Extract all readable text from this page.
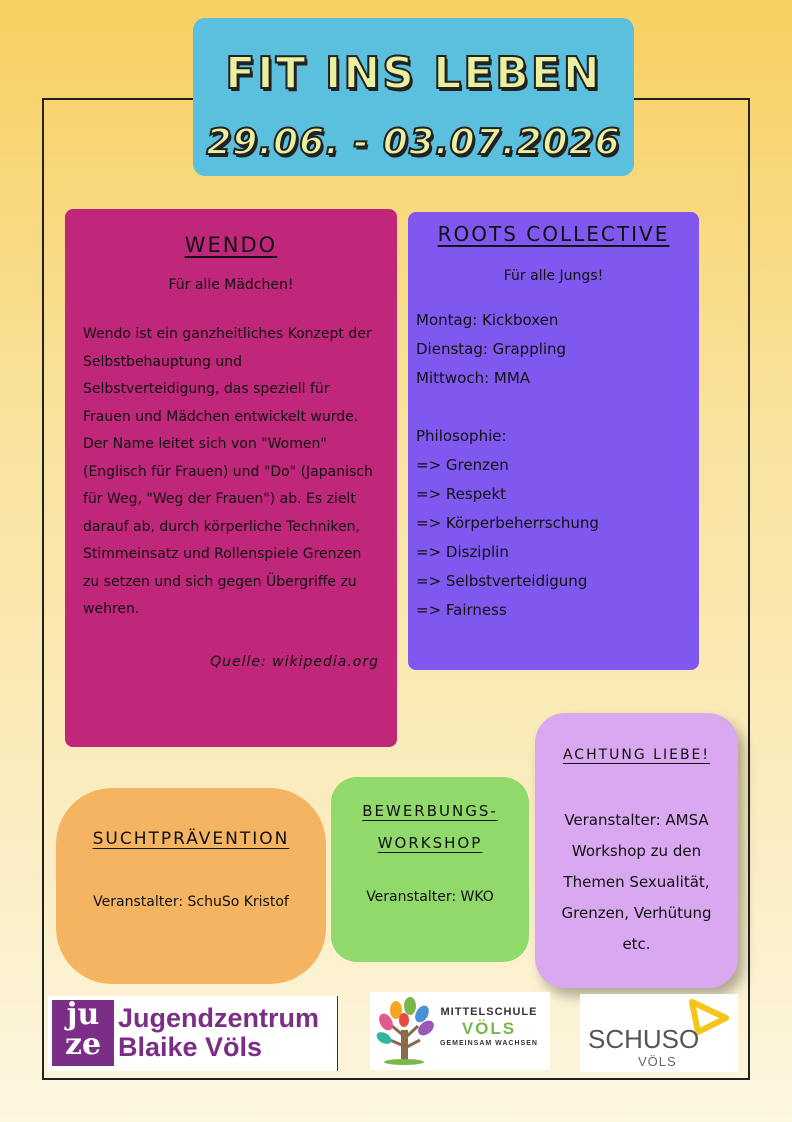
FIT INS LEBEN
29.06. - 03.07.2026
WENDO
Für alle Mädchen!
Wendo ist ein ganzheitliches Konzept der Selbstbehauptung und Selbstverteidigung, das speziell für Frauen und Mädchen entwickelt wurde. Der Name leitet sich von "Women" (Englisch für Frauen) und "Do" (Japanisch für Weg, "Weg der Frauen") ab. Es zielt darauf ab, durch körperliche Techniken, Stimmeinsatz und Rollenspiele Grenzen zu setzen und sich gegen Übergriffe zu wehren.
Quelle: wikipedia.org
ROOTS COLLECTIVE
Für alle Jungs!
Montag: Kickboxen
Dienstag: Grappling
Mittwoch: MMA
Philosophie:
=> Grenzen
=> Respekt
=> Körperbeherrschung
=> Disziplin
=> Selbstverteidigung
=> Fairness
SUCHTPRÄVENTION
Veranstalter: SchuSo Kristof
BEWERBUNGS-
WORKSHOP
Veranstalter: WKO
ACHTUNG LIEBE!
Veranstalter: AMSA
Workshop zu den
Themen Sexualität,
Grenzen, Verhütung
etc.
ju
ze
Jugendzentrum
Blaike Völs
MITTELSCHULE
VÖLS
GEMEINSAM WACHSEN SCHUSO
VÖLS
